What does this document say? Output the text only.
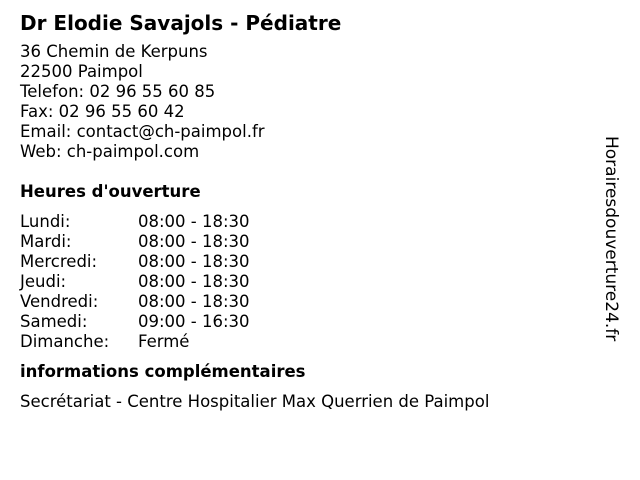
Dr Elodie Savajols - Pédiatre
36 Chemin de Kerpuns
22500 Paimpol
Telefon: 02 96 55 60 85
Fax: 02 96 55 60 42
Email: contact@ch-paimpol.fr
Web: ch-paimpol.com
Heures d'ouverture
Lundi:	08:00 - 18:30
Mardi:	08:00 - 18:30
Mercredi: 08:00 - 18:30
Jeudi:	08:00 - 18:30
Vendredi: 08:00 - 18:30
Samedi:	09:00 - 16:30
Dimanche: Fermé
informations complémentaires
Secrétariat - Centre Hospitalier Max Querrien de Paimpol
Horairesdouverture24.fr
